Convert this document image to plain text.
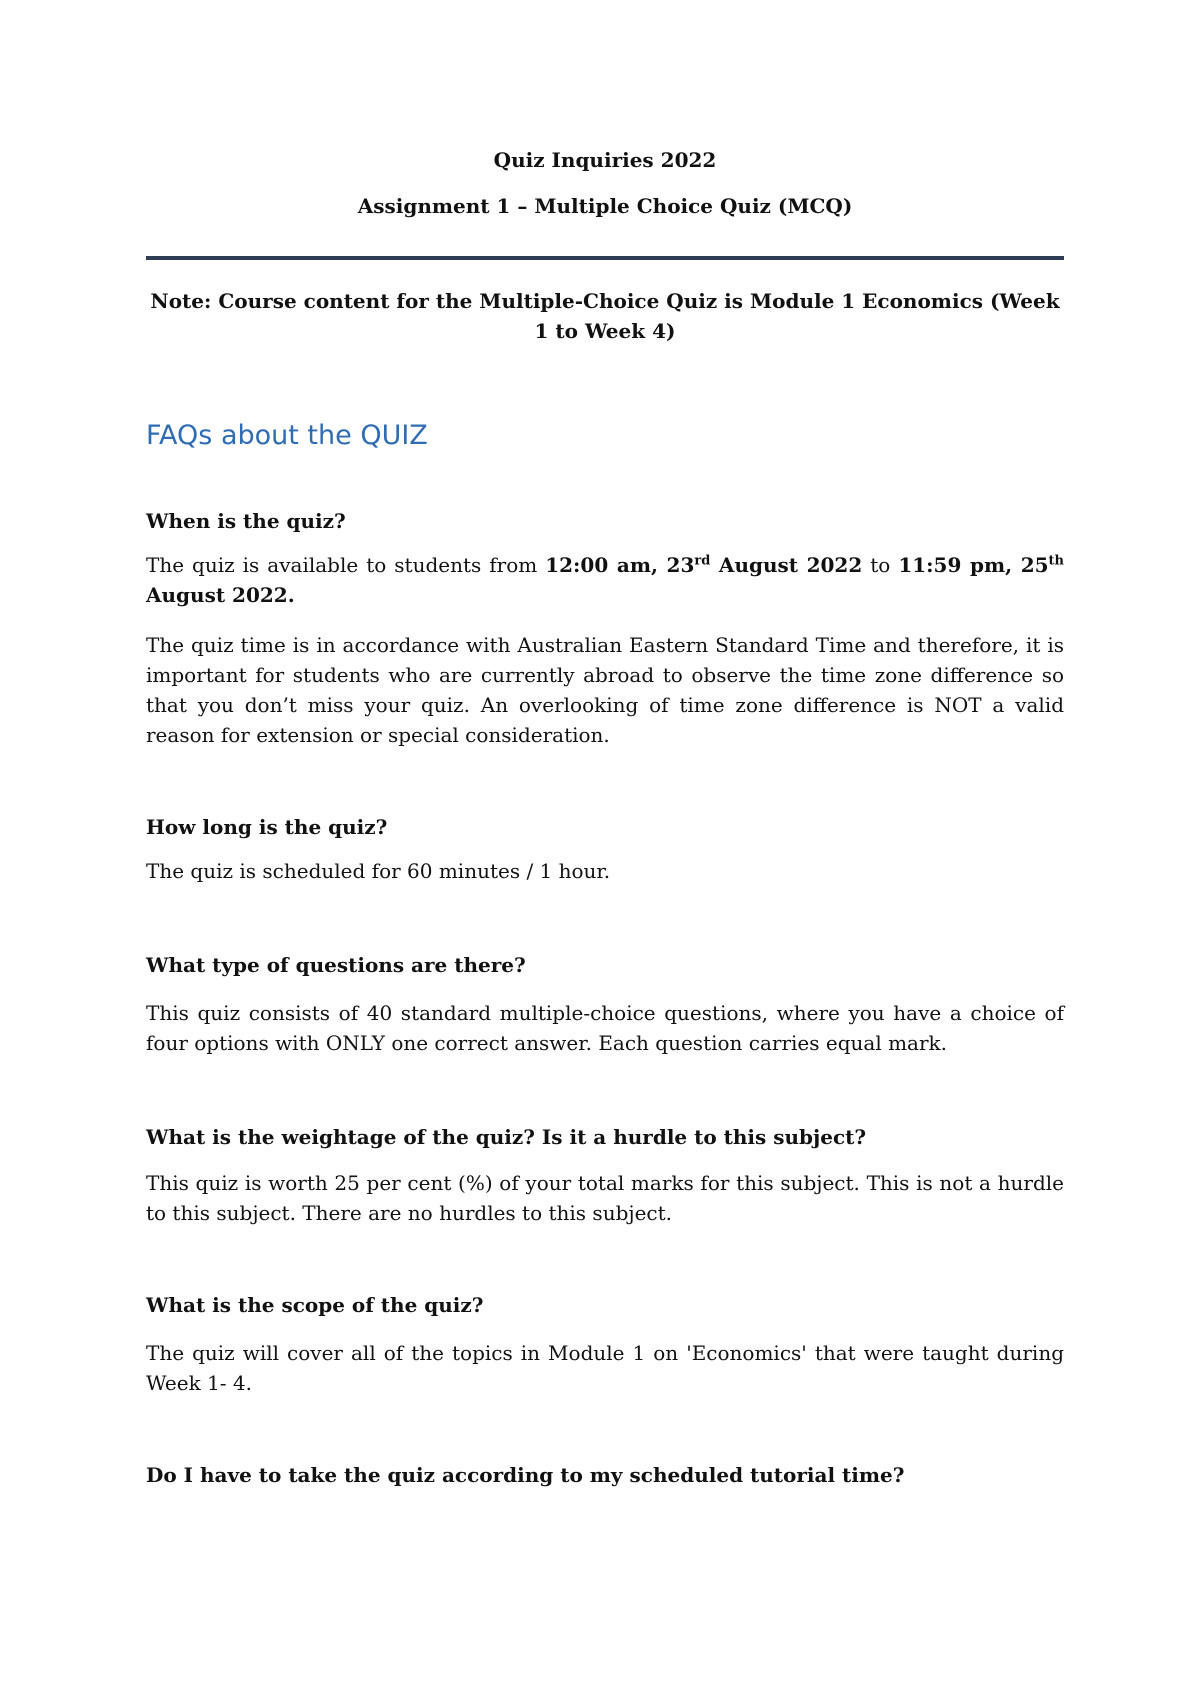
Quiz Inquiries 2022
Assignment 1 – Multiple Choice Quiz (MCQ)
Note: Course content for the Multiple-Choice Quiz is Module 1 Economics (Week 1 to Week 4)
FAQs about the QUIZ
When is the quiz?
The quiz is available to students from 12:00 am, 23rd August 2022 to 11:59 pm, 25th August 2022.
The quiz time is in accordance with Australian Eastern Standard Time and therefore, it is important for students who are currently abroad to observe the time zone difference so that you don’t miss your quiz. An overlooking of time zone difference is NOT a valid reason for extension or special consideration.
How long is the quiz?
The quiz is scheduled for 60 minutes / 1 hour.
What type of questions are there?
This quiz consists of 40 standard multiple-choice questions, where you have a choice of four options with ONLY one correct answer. Each question carries equal mark.
What is the weightage of the quiz? Is it a hurdle to this subject?
This quiz is worth 25 per cent (%) of your total marks for this subject. This is not a hurdle to this subject. There are no hurdles to this subject.
What is the scope of the quiz?
The quiz will cover all of the topics in Module 1 on 'Economics' that were taught during Week 1- 4.
Do I have to take the quiz according to my scheduled tutorial time?
